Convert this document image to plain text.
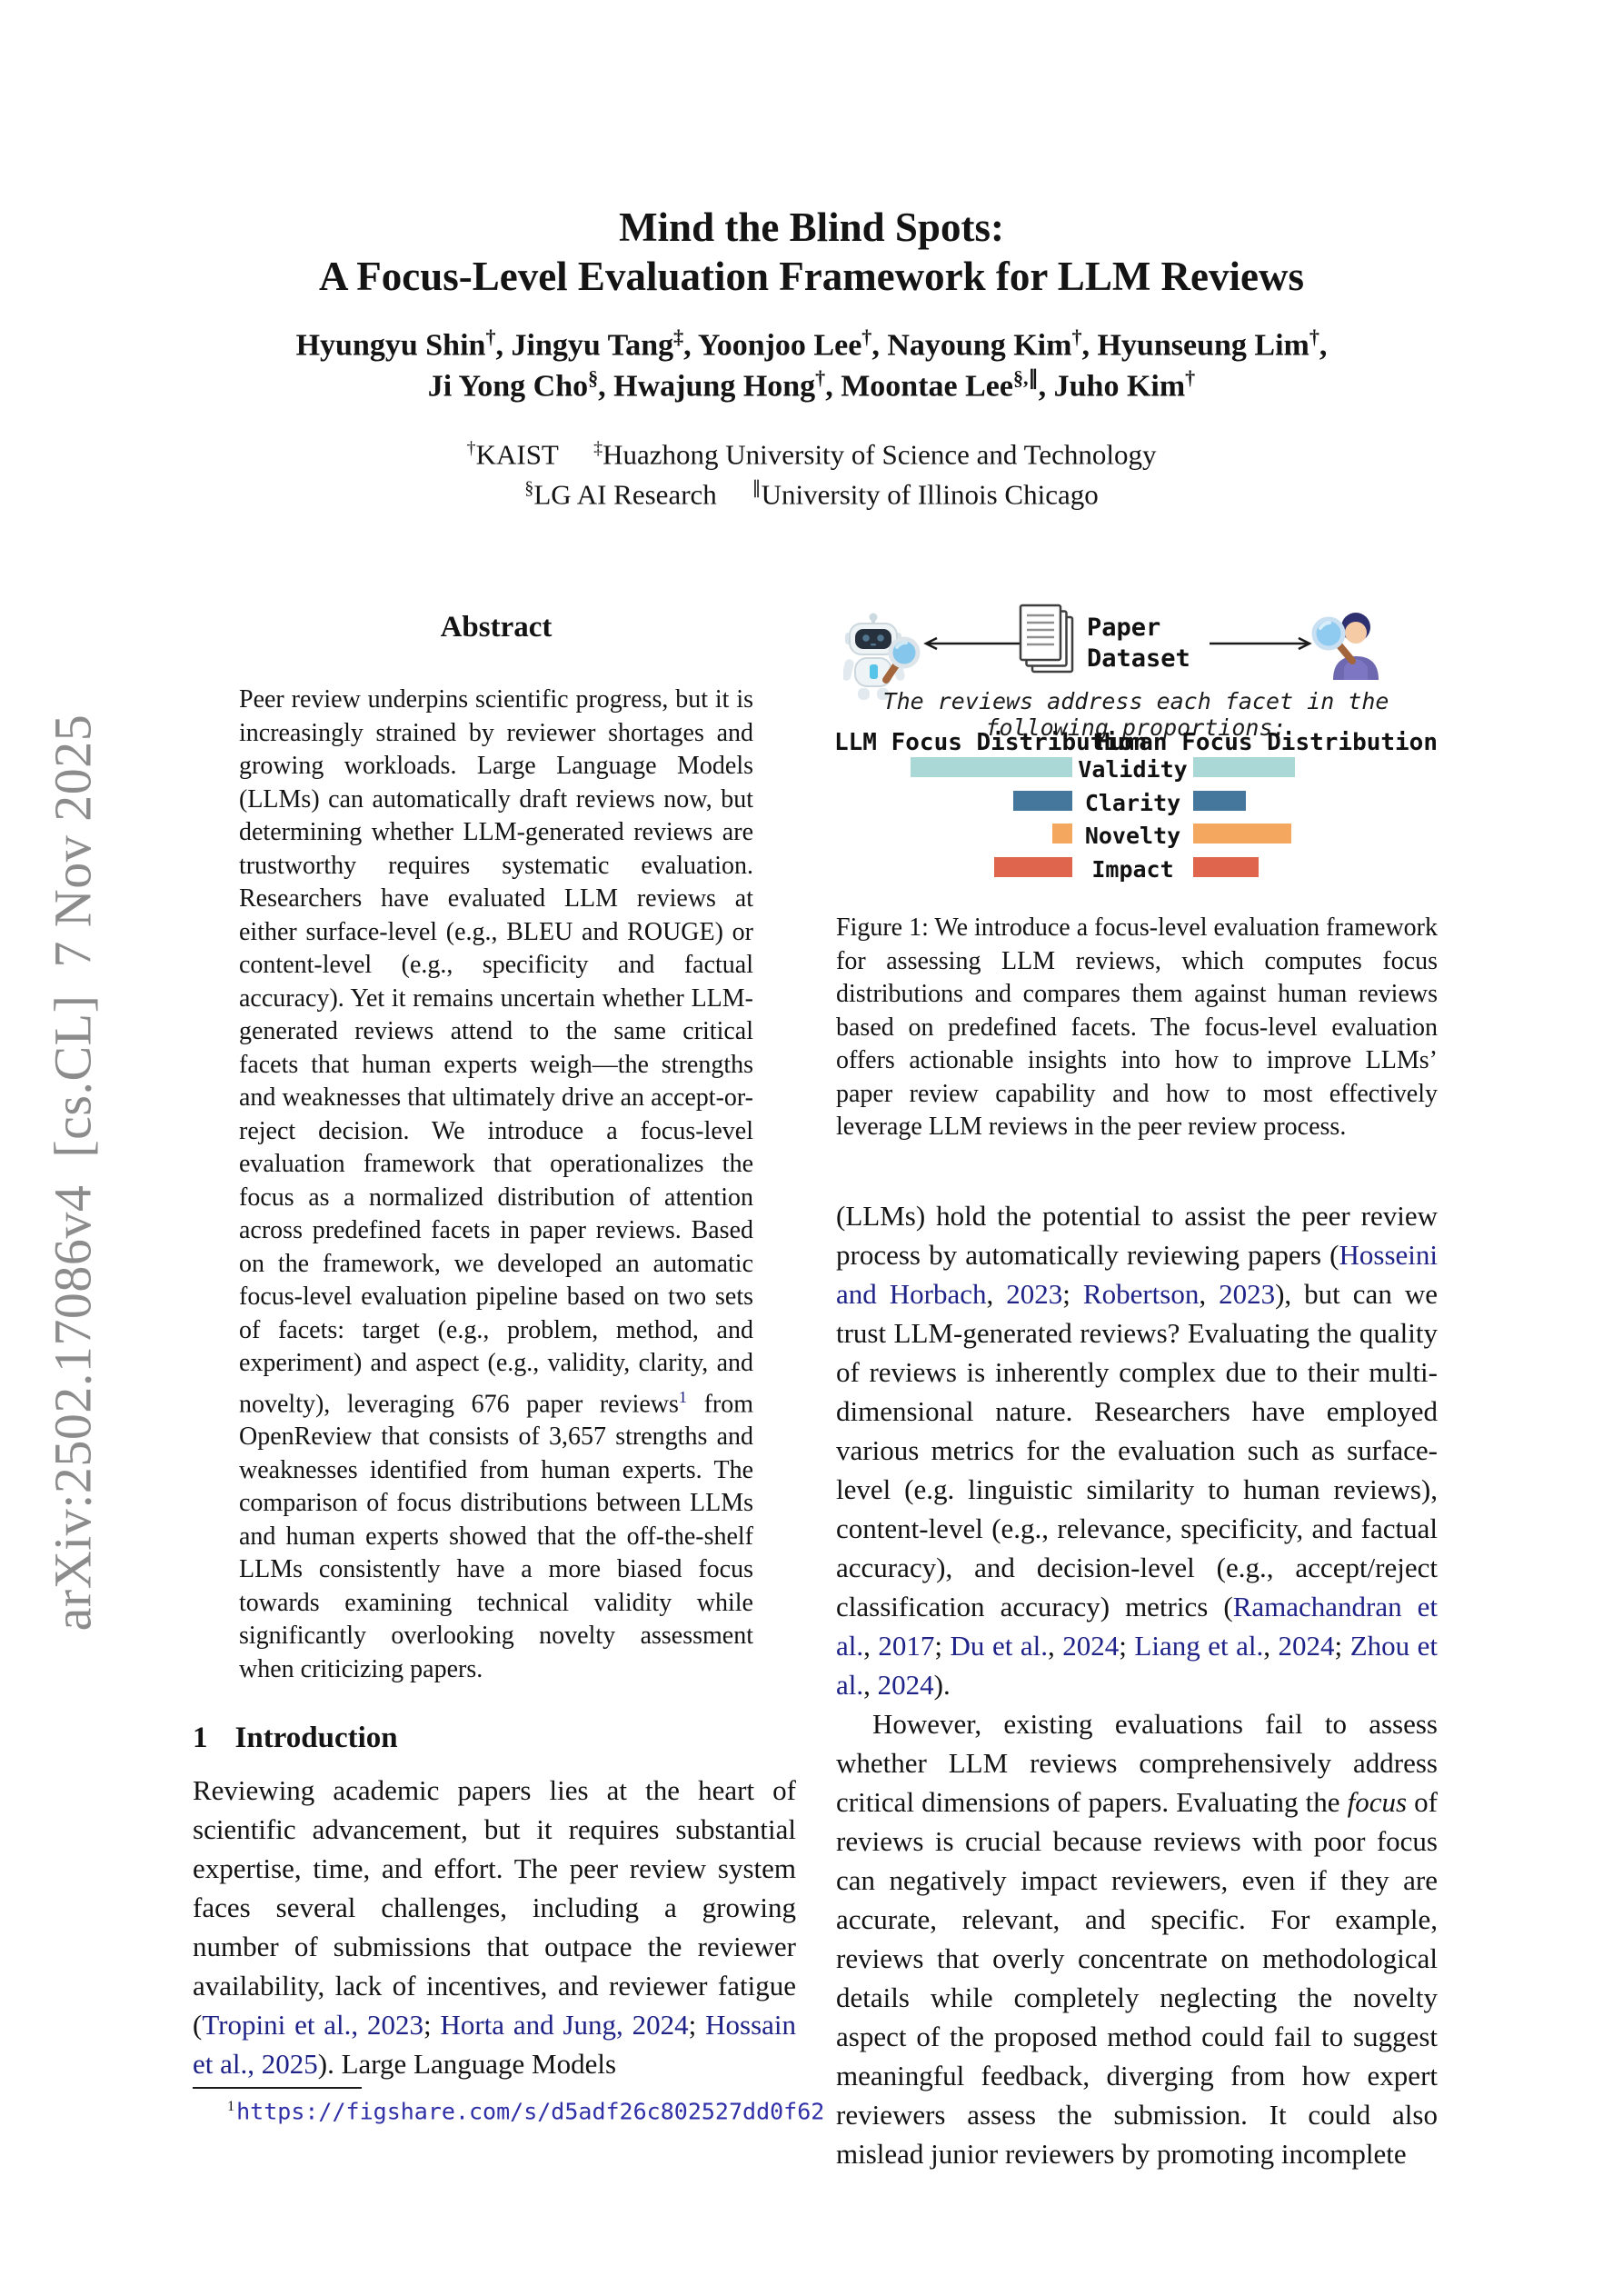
arXiv:2502.17086v4  [cs.CL]  7 Nov 2025
Mind the Blind Spots:
A Focus-Level Evaluation Framework for LLM Reviews
Hyungyu Shin†, Jingyu Tang‡, Yoonjoo Lee†, Nayoung Kim†, Hyunseung Lim†,
Ji Yong Cho§, Hwajung Hong†, Moontae Lee§,∥, Juho Kim†
†KAIST ‡Huazhong University of Science and Technology
§LG AI Research ∥University of Illinois Chicago
Abstract
Peer review underpins scientific progress, but it is increasingly strained by reviewer shortages and growing workloads. Large Language Models (LLMs) can automatically draft reviews now, but determining whether LLM-generated reviews are trustworthy requires systematic evaluation. Researchers have evaluated LLM reviews at either surface-level (e.g., BLEU and ROUGE) or content-level (e.g., specificity and factual accuracy). Yet it remains uncertain whether LLM-generated reviews attend to the same critical facets that human experts weigh—the strengths and weaknesses that ultimately drive an accept-or-reject decision. We introduce a focus-level evaluation framework that operationalizes the focus as a normalized distribution of attention across predefined facets in paper reviews. Based on the framework, we developed an automatic focus-level evaluation pipeline based on two sets of facets: target (e.g., problem, method, and experiment) and aspect (e.g., validity, clarity, and novelty), leveraging 676 paper reviews$^1$ from OpenReview that consists of 3,657 strengths and weaknesses identified from human experts. The comparison of focus distributions between LLMs and human experts showed that the off-the-shelf LLMs consistently have a more biased focus towards examining technical validity while significantly overlooking novelty assessment when criticizing papers.
1 Introduction
Reviewing academic papers lies at the heart of scientific advancement, but it requires substantial expertise, time, and effort. The peer review system faces several challenges, including a growing number of submissions that outpace the reviewer availability, lack of incentives, and reviewer fatigue (Tropini et al., 2023; Horta and Jung, 2024; Hossain et al., 2025). Large Language Models
$^1$https://figshare.com/s/d5adf26c802527dd0f62
Paper
Dataset
The reviews address each facet in the following proportions:
LLM Focus Distribution
Human Focus Distribution
Validity
Clarity
Novelty
Impact
Figure 1: We introduce a focus-level evaluation framework for assessing LLM reviews, which computes focus distributions and compares them against human reviews based on predefined facets. The focus-level evaluation offers actionable insights into how to improve LLMs’ paper review capability and how to most effectively leverage LLM reviews in the peer review process.

(LLMs) hold the potential to assist the peer review process by automatically reviewing papers (Hosseini and Horbach, 2023; Robertson, 2023), but can we trust LLM-generated reviews? Evaluating the quality of reviews is inherently complex due to their multi-dimensional nature. Researchers have employed various metrics for the evaluation such as surface-level (e.g. linguistic similarity to human reviews), content-level (e.g., relevance, specificity, and factual accuracy), and decision-level (e.g., accept/reject classification accuracy) metrics (Ramachandran et al., 2017; Du et al., 2024; Liang et al., 2024; Zhou et al., 2024).

However, existing evaluations fail to assess whether LLM reviews comprehensively address critical dimensions of papers. Evaluating the focus of reviews is crucial because reviews with poor focus can negatively impact reviewers, even if they are accurate, relevant, and specific. For example, reviews that overly concentrate on methodological details while completely neglecting the novelty aspect of the proposed method could fail to suggest meaningful feedback, diverging from how expert reviewers assess the submission. It could also mislead junior reviewers by promoting incomplete
